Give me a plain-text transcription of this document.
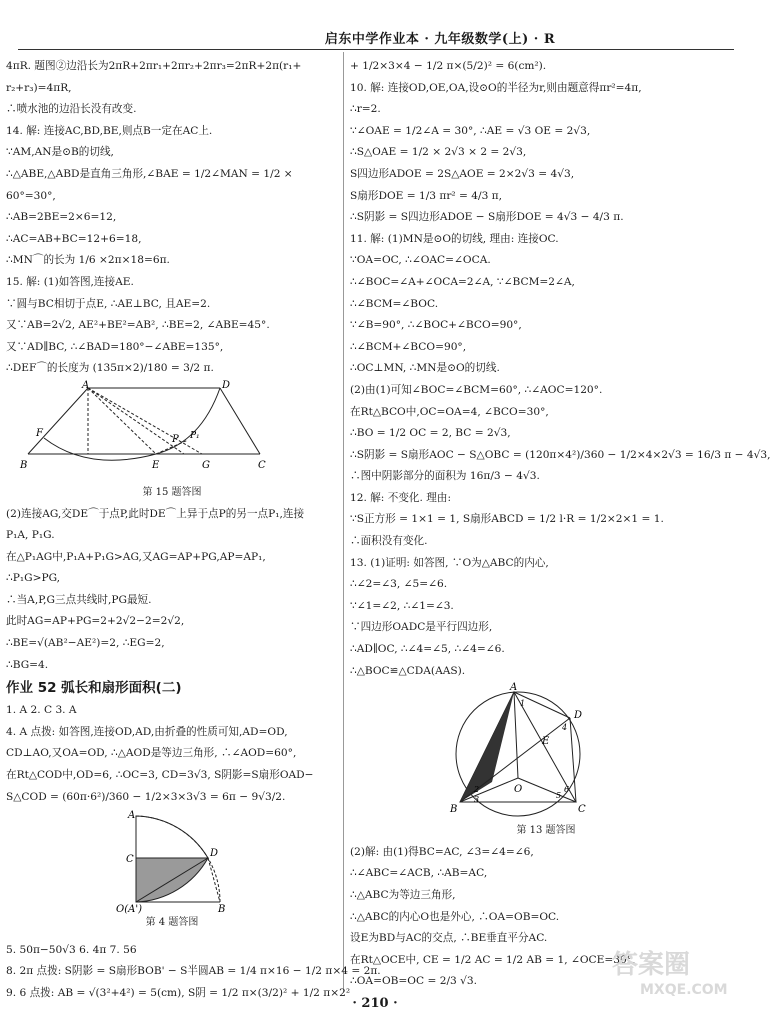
启东中学作业本 · 九年级数学(上) · R
4πR. 题图②边沿长为2πR+2πr₁+2πr₂+2πr₃=2πR+2π(r₁+
r₂+r₃)=4πR,
∴喷水池的边沿长没有改变.
14. 解: 连接AC,BD,BE,则点B一定在AC上.
∵AM,AN是⊙B的切线,
∴△ABE,△ABD是直角三角形,∠BAE = 1/2∠MAN = 1/2 ×
60°=30°,
∴AB=2BE=2×6=12,
∴AC=AB+BC=12+6=18,
∴MN⌒的长为 1/6 ×2π×18=6π.
15. 解: (1)如答图,连接AE.
∵圆与BC相切于点E, ∴AE⊥BC, 且AE=2.
又∵AB=2√2, AE²+BE²=AB², ∴BE=2, ∠ABE=45°.
又∵AD∥BC, ∴∠BAD=180°−∠ABE=135°,
∴DEF⌒的长度为 (135π×2)/180 = 3/2 π.
A	D
F
P P₁
B	E	G	C
第 15 题答图
(2)连接AG,交DE⌒于点P,此时DE⌒上异于点P的另一点P₁,连接
P₁A, P₁G.
在△P₁AG中,P₁A+P₁G>AG,又AG=AP+PG,AP=AP₁,
∴P₁G>PG,
∴当A,P,G三点共线时,PG最短.
此时AG=AP+PG=2+2√2−2=2√2,
∴BE=√(AB²−AE²)=2, ∴EG=2,
∴BG=4.
作业 52 弧长和扇形面积(二)
1. A 2. C 3. A
4. A 点拨: 如答图,连接OD,AD,由折叠的性质可知,AD=OD,
CD⊥AO,又OA=OD, ∴△AOD是等边三角形, ∴∠AOD=60°,
在Rt△COD中,OD=6, ∴OC=3, CD=3√3, S阴影=S扇形OAD−
S△COD = (60π·6²)/360 − 1/2×3×3√3 = 6π − 9√3/2.
A
C
D
O(A')	B
第 4 题答图
5. 50π−50√3 6. 4π 7. 56
8. 2π 点拨: S阴影 = S扇形BOB' − S半圆AB = 1/4 π×16 − 1/2 π×4 = 2π.
9. 6 点拨: AB = √(3²+4²) = 5(cm), S阴 = 1/2 π×(3/2)² + 1/2 π×2²
+ 1/2×3×4 − 1/2 π×(5/2)² = 6(cm²).
10. 解: 连接OD,OE,OA,设⊙O的半径为r,则由题意得πr²=4π,
∴r=2.
∵∠OAE = 1/2∠A = 30°, ∴AE = √3 OE = 2√3,
∴S△OAE = 1/2 × 2√3 × 2 = 2√3,
S四边形ADOE = 2S△AOE = 2×2√3 = 4√3,
S扇形DOE = 1/3 πr² = 4/3 π,
∴S阴影 = S四边形ADOE − S扇形DOE = 4√3 − 4/3 π.
11. 解: (1)MN是⊙O的切线, 理由: 连接OC.
∵OA=OC, ∴∠OAC=∠OCA.
∴∠BOC=∠A+∠OCA=2∠A, ∵∠BCM=2∠A,
∴∠BCM=∠BOC.
∵∠B=90°, ∴∠BOC+∠BCO=90°,
∴∠BCM+∠BCO=90°,
∴OC⊥MN, ∴MN是⊙O的切线.
(2)由(1)可知∠BOC=∠BCM=60°, ∴∠AOC=120°.
在Rt△BCO中,OC=OA=4, ∠BCO=30°,
∴BO = 1/2 OC = 2, BC = 2√3,
∴S阴影 = S扇形AOC − S△OBC = (120π×4²)/360 − 1/2×4×2√3 = 16/3 π − 4√3,
∴图中阴影部分的面积为 16π/3 − 4√3.
12. 解: 不变化. 理由:
∵S正方形 = 1×1 = 1, S扇形ABCD = 1/2 l·R = 1/2×2×1 = 1.
∴面积没有变化.
13. (1)证明: 如答图, ∵O为△ABC的内心,
∴∠2=∠3, ∠5=∠6.
∵∠1=∠2, ∴∠1=∠3.
∵四边形OADC是平行四边形,
∴AD∥OC, ∴∠4=∠5, ∴∠4=∠6.
∴△BOC≌△CDA(AAS).
A
D
E
O
B	C
1
2
3
4
5
6
第 13 题答图
(2)解: 由(1)得BC=AC, ∠3=∠4=∠6,
∴∠ABC=∠ACB, ∴AB=AC,
∴△ABC为等边三角形,
∴△ABC的内心O也是外心, ∴OA=OB=OC.
设E为BD与AC的交点, ∴BE垂直平分AC.
在Rt△OCE中, CE = 1/2 AC = 1/2 AB = 1, ∠OCE=30°,
∴OA=OB=OC = 2/3 √3.
· 210 ·
答案圈
MXQE.COM
